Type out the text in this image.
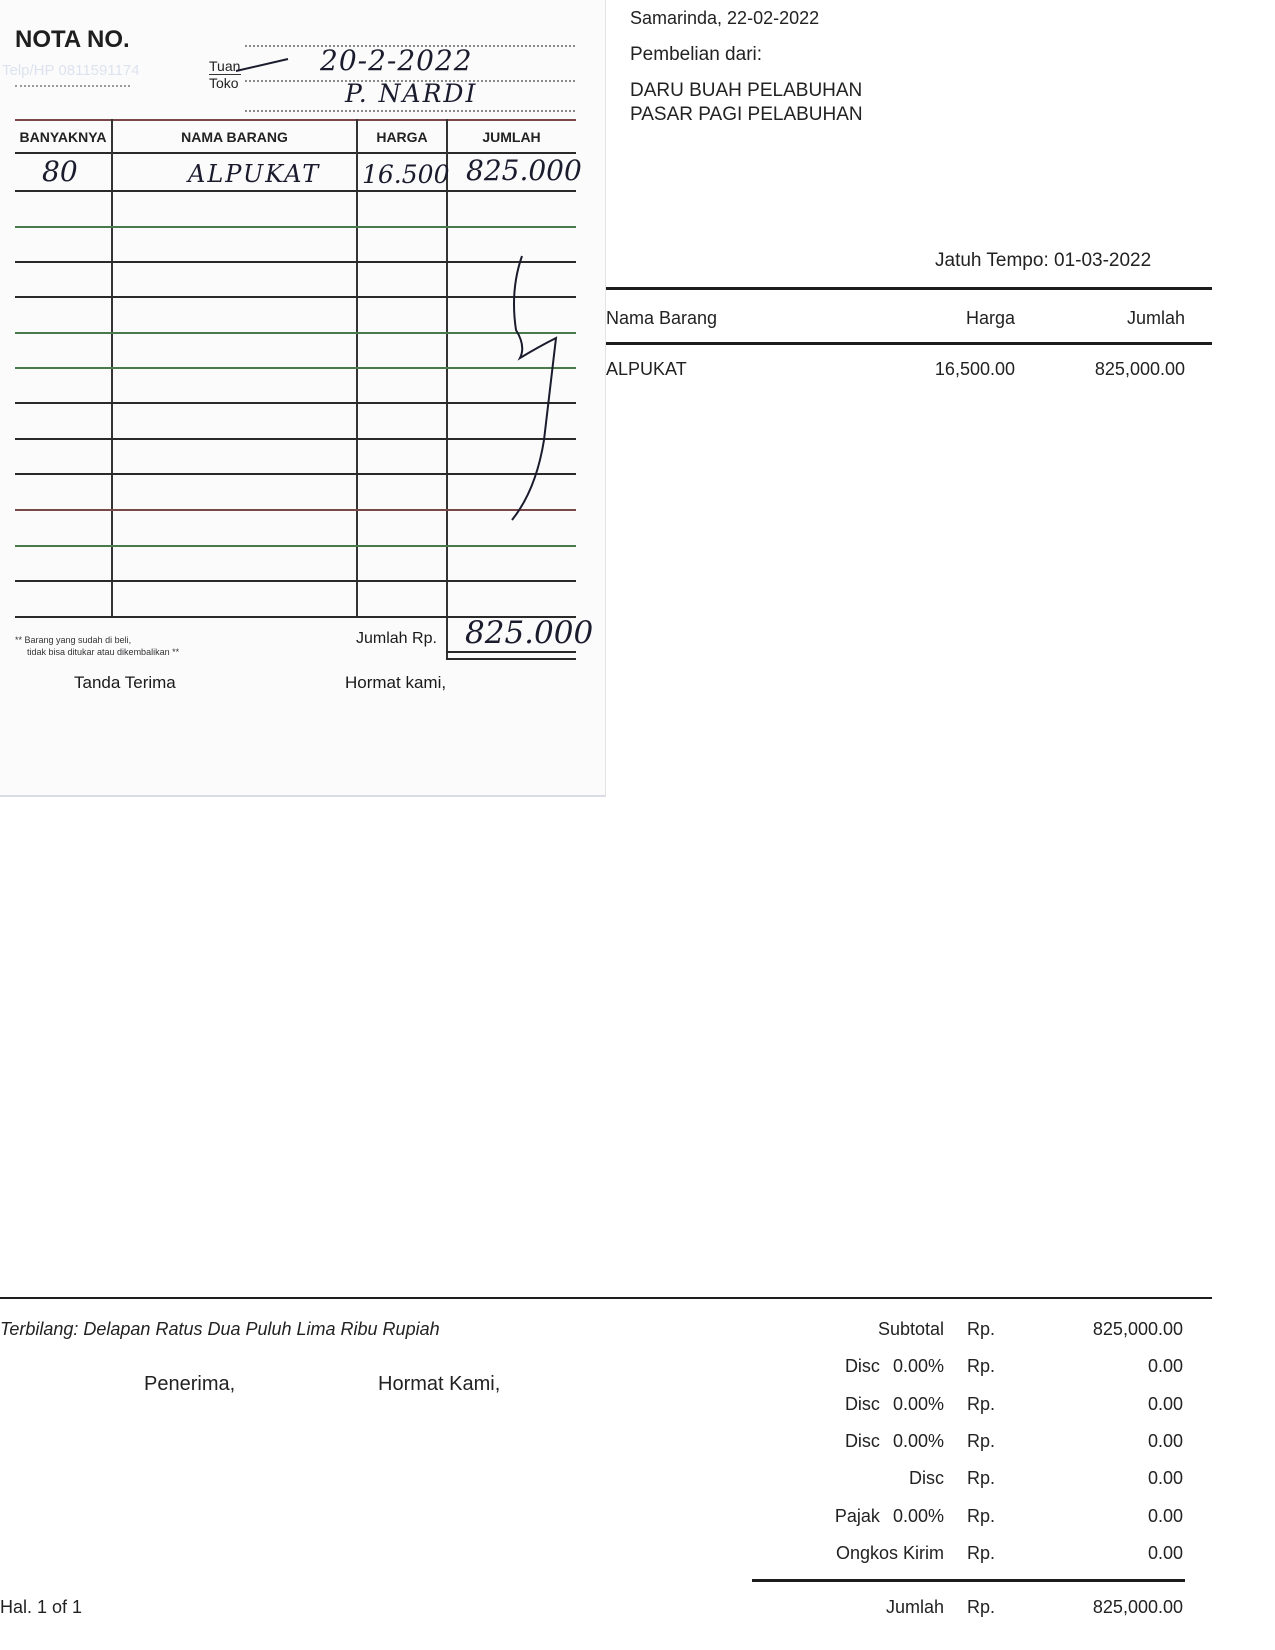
Samarinda, 22-02-2022
Pembelian dari:
DARU BUAH PELABUHAN
PASAR PAGI PELABUHAN
Jatuh Tempo: 01-03-2022
Nama Barang	Harga	Jumlah
ALPUKAT	16,500.00	825,000.00
Terbilang: Delapan Ratus Dua Puluh Lima Ribu Rupiah
Penerima,	Hormat Kami,
Hal. 1 of 1
Subtotal Rp.	825,000.00
Disc 0.00% Rp.	0.00
Disc 0.00% Rp.	0.00
Disc 0.00% Rp.	0.00
Disc Rp.	0.00
Pajak 0.00% Rp.	0.00
Ongkos Kirim Rp.	0.00
Jumlah Rp.	825,000.00
NOTA NO.
Telp/HP 0811591174	Tuan
Toko
20-2-2022
P. NARDI
BANYAKNYA	NAMA BARANG	HARGA	JUMLAH
80	ALPUKAT 16.500 825.000
** Barang yang sudah di beli,
tidak bisa ditukar atau dikembalikan **
Jumlah Rp. 825.000
Tanda Terima	Hormat kami,
